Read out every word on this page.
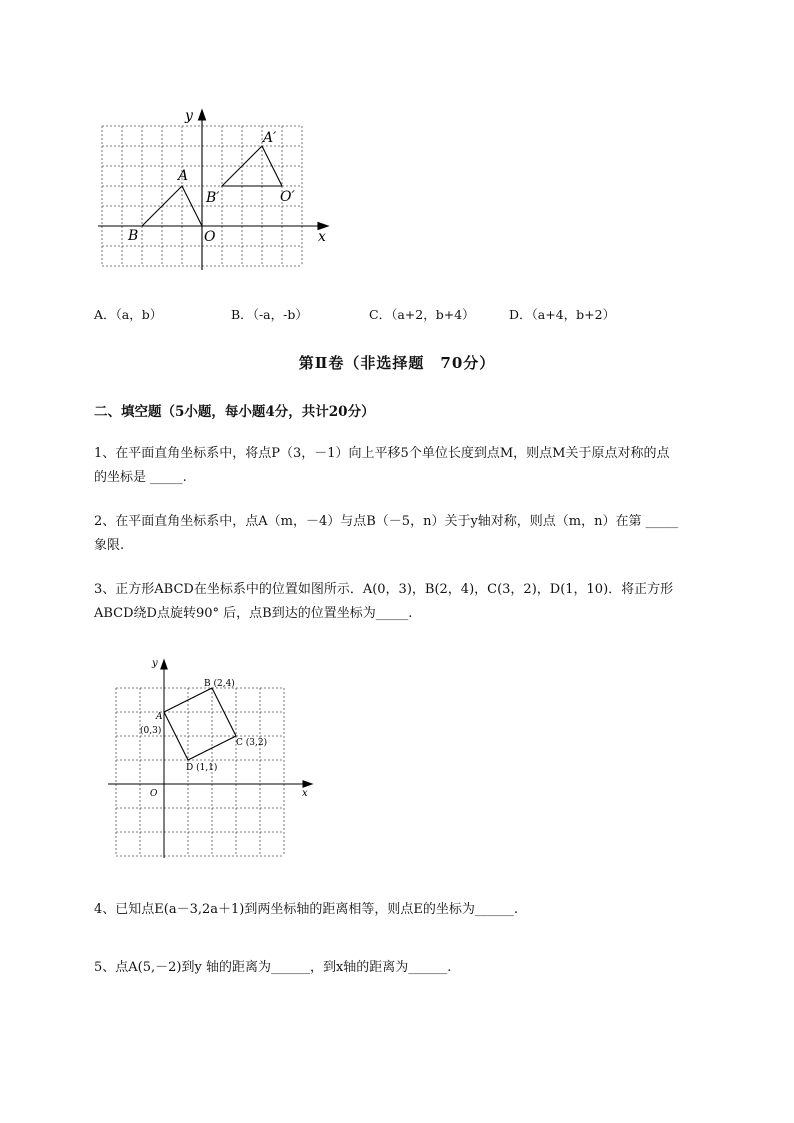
y
x
A
B	O
A′
B′	O′
A．（a，b）	B．（-a，-b）	C．（a+2，b+4）	D．（a+4，b+2）
第Ⅱ卷（非选择题　70分）
二、填空题（5小题，每小题4分，共计20分）
1、在平面直角坐标系中，将点P（3，－1）向上平移5个单位长度到点M，则点M关于原点对称的点
的坐标是 _____.
2、在平面直角坐标系中，点A（m，－4）与点B（－5，n）关于y轴对称，则点（m，n）在第 _____
象限.
3、正方形ABCD在坐标系中的位置如图所示．A(0，3)，B(2，4)，C(3，2)，D(1，10)．将正方形
ABCD绕D点旋转90° 后，点B到达的位置坐标为_____.
y
x
O
B (2,4)
A
(0,3)
C (3,2)
D (1,1)
4、已知点E(a－3,2a＋1)到两坐标轴的距离相等，则点E的坐标为______.
5、点A(5,－2)到y 轴的距离为______，到x轴的距离为______.
